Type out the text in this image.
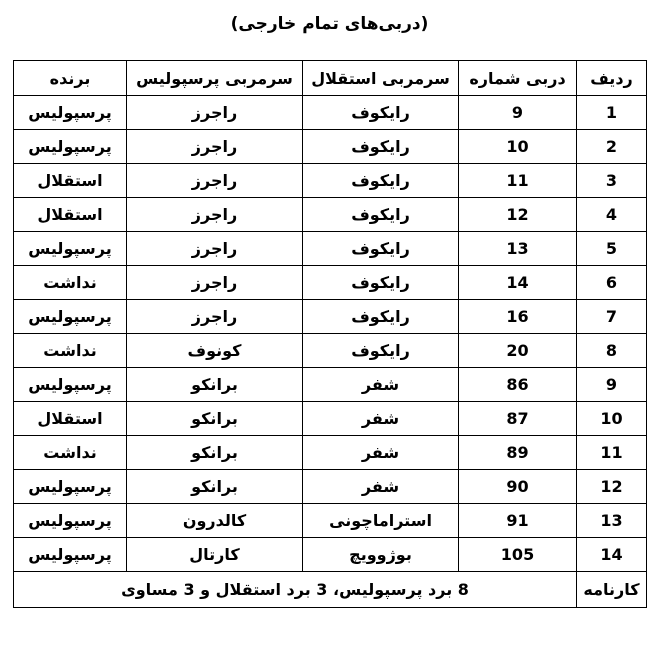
(دربی‌های تمام خارجی)
ردیف	دربی شماره	سرمربی استقلال	سرمربی پرسپولیس	برنده
1	9	رایکوف	راجرز	پرسپولیس
2	10	رایکوف	راجرز	پرسپولیس
3	11	رایکوف	راجرز	استقلال
4	12	رایکوف	راجرز	استقلال
5	13	رایکوف	راجرز	پرسپولیس
6	14	رایکوف	راجرز	نداشت
7	16	رایکوف	راجرز	پرسپولیس
8	20	رایکوف	کونوف	نداشت
9	86	شفر	برانکو	پرسپولیس
10	87	شفر	برانکو	استقلال
11	89	شفر	برانکو	نداشت
12	90	شفر	برانکو	پرسپولیس
13	91	استراماچونی	کالدرون	پرسپولیس
14	105	بوژوویچ	کارتال	پرسپولیس
کارنامه	8 برد پرسپولیس، 3 برد استقلال و 3 مساوی			
